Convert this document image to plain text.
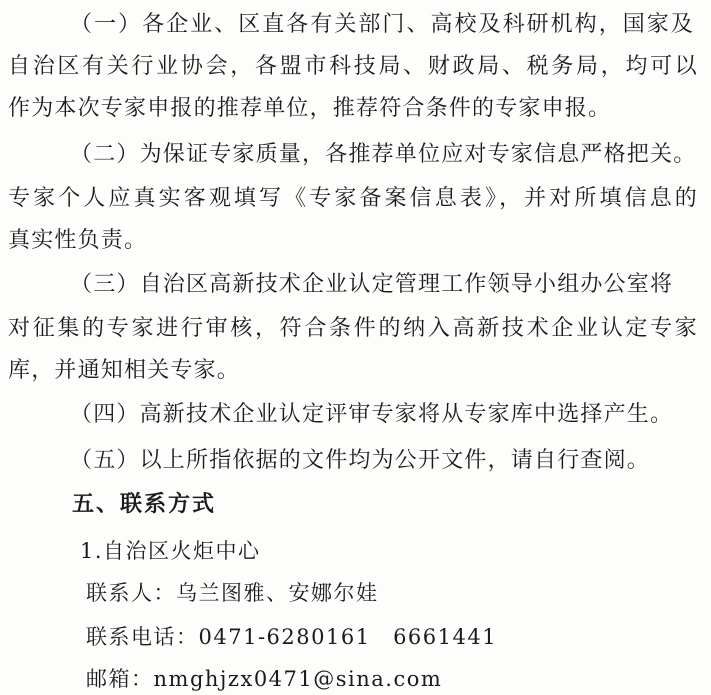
（一）各企业、区直各有关部门、高校及科研机构，国家及
自治区有关行业协会，各盟市科技局、财政局、税务局，均可以
作为本次专家申报的推荐单位，推荐符合条件的专家申报。
（二）为保证专家质量，各推荐单位应对专家信息严格把关。
专家个人应真实客观填写《专家备案信息表》，并对所填信息的
真实性负责。
（三）自治区高新技术企业认定管理工作领导小组办公室将
对征集的专家进行审核，符合条件的纳入高新技术企业认定专家
库，并通知相关专家。
（四）高新技术企业认定评审专家将从专家库中选择产生。
（五）以上所指依据的文件均为公开文件，请自行查阅。
五、联系方式
1.自治区火炬中心
联系人：乌兰图雅、安娜尔娃
联系电话：0471-6280161　6661441
邮箱：nmghjzx0471@sina.com
